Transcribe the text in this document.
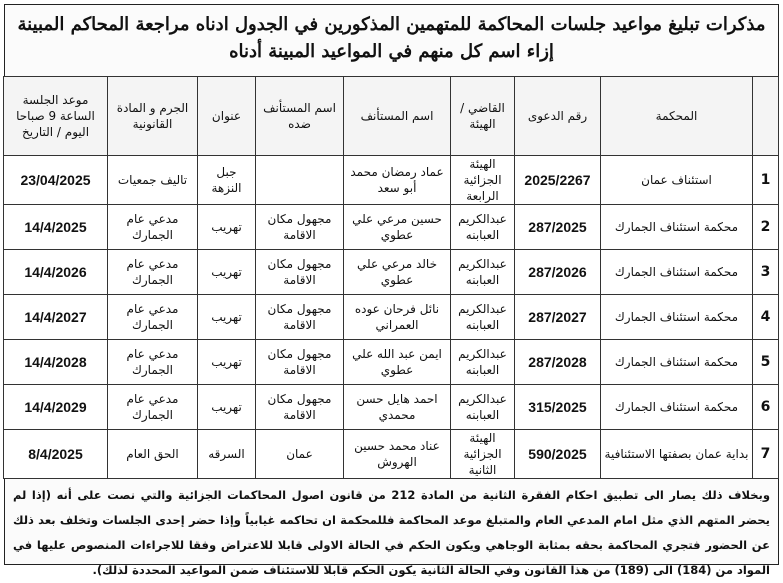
مذكرات تبليغ مواعيد جلسات المحاكمة للمتهمين المذكورين في الجدول ادناه مراجعة المحاكم المبينة إزاء اسم كل منهم في المواعيد المبينة أدناه
	المحكمة	رقم الدعوى	القاضي / الهيئة	اسم المستأنف	اسم المستأنف ضده	عنوان	الجرم و المادة القانونية	موعد الجلسة الساعة 9 صباحا اليوم / التاريخ
1	استئناف عمان	2025/2267	الهيئة الجزائية الرابعة	عماد رمضان محمد أبو سعد		جبل النزهة	تاليف جمعيات	23/04/2025
2	محكمة استئناف الجمارك	287/2025	عبدالكريم العبابنه	حسين مرعي علي عطوي	مجهول مكان الاقامة	تهريب	مدعي عام الجمارك	14/4/2025
3	محكمة استئناف الجمارك	287/2026	عبدالكريم العبابنه	خالد مرعي علي عطوي	مجهول مكان الاقامة	تهريب	مدعي عام الجمارك	14/4/2026
4	محكمة استئناف الجمارك	287/2027	عبدالكريم العبابنه	نائل فرحان عوده العمراني	مجهول مكان الاقامة	تهريب	مدعي عام الجمارك	14/4/2027
5	محكمة استئناف الجمارك	287/2028	عبدالكريم العبابنه	ايمن عبد الله علي عطوي	مجهول مكان الاقامة	تهريب	مدعي عام الجمارك	14/4/2028
6	محكمة استئناف الجمارك	315/2025	عبدالكريم العبابنه	احمد هايل حسن محمدي	مجهول مكان الاقامة	تهريب	مدعي عام الجمارك	14/4/2029
7	بداية عمان بصفتها الاستئنافية	590/2025	الهيئة الجزائية الثانية	عناد محمد حسين الهروش	عمان	السرقه	الحق العام	8/4/2025
وبخلاف ذلك يصار الى تطبيق احكام الفقرة الثانية من المادة 212 من قانون اصول المحاكمات الجزائية والتي نصت على أنه (إذا لم يحضر المتهم الذي مثل امام المدعي العام والمتبلغ موعد المحاكمة فللمحكمة ان تحاكمه غيابياً وإذا حضر إحدى الجلسات وتخلف بعد ذلك عن الحضور فتجري المحاكمة بحقه بمثابة الوجاهي ويكون الحكم في الحالة الاولى قابلا للاعتراض وفقا للاجراءات المنصوص عليها في المواد من (184) الى (189) من هذا القانون وفي الحالة الثانية يكون الحكم قابلا للاستئناف ضمن المواعيد المحددة لذلك).
